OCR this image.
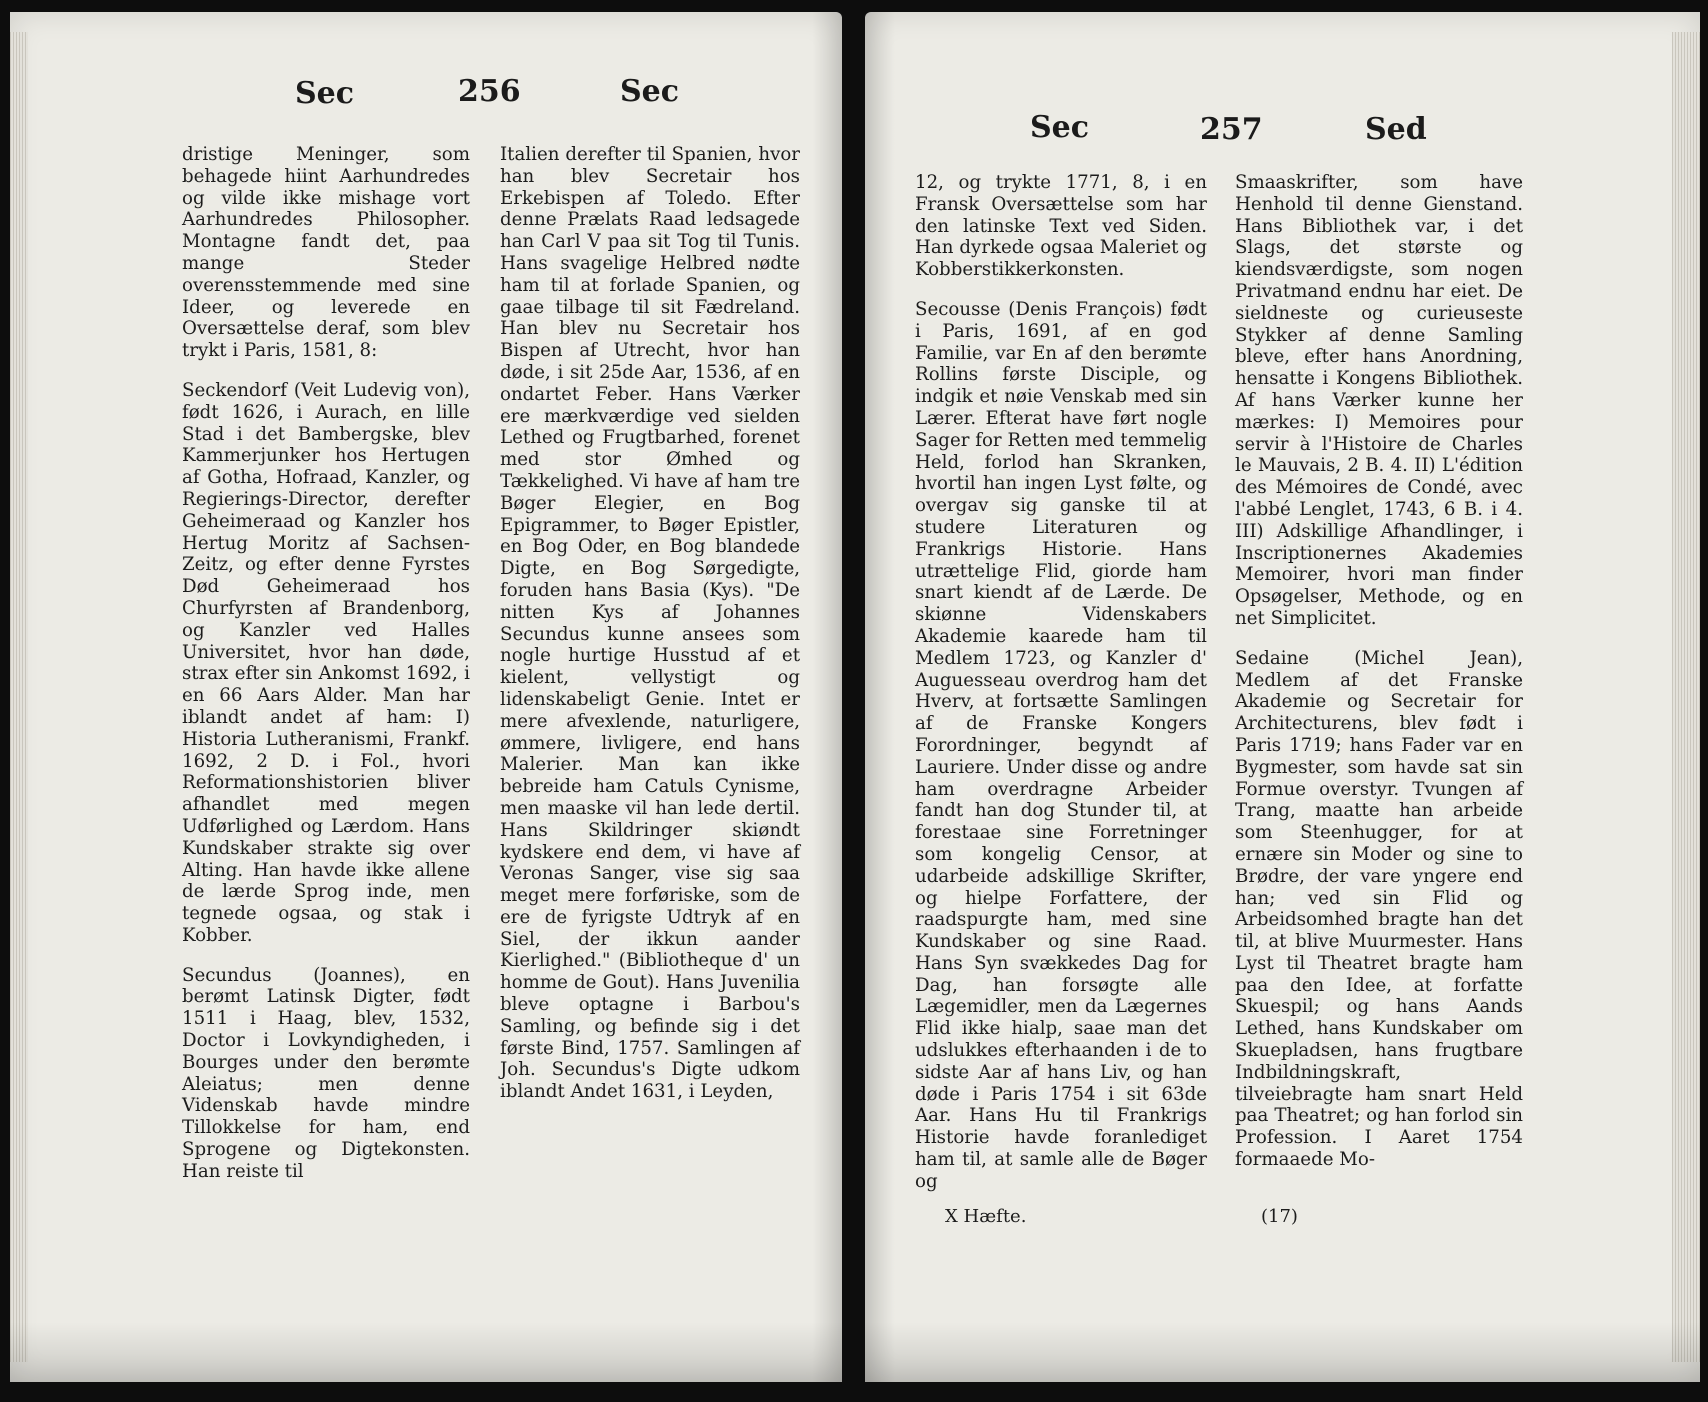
Sec	256	Sec

dristige Meninger, som behagede hiint Aarhundredes og vilde ikke mishage vort Aarhundredes Philosopher. Montagne fandt det, paa mange Steder overensstemmende med sine Ideer, og leverede en Oversættelse deraf, som blev trykt i Paris, 1581, 8:

Seckendorf (Veit Ludevig von), født 1626, i Aurach, en lille Stad i det Bambergske, blev Kammerjunker hos Hertugen af Gotha, Hofraad, Kanzler, og Regierings-Director, derefter Geheimeraad og Kanzler hos Hertug Moritz af Sachsen-Zeitz, og efter denne Fyrstes Død Geheimeraad hos Churfyrsten af Brandenborg, og Kanzler ved Halles Universitet, hvor han døde, strax efter sin Ankomst 1692, i en 66 Aars Alder. Man har iblandt andet af ham: I) Historia Lutheranismi, Frankf. 1692, 2 D. i Fol., hvori Reformationshistorien bliver afhandlet med megen Udførlighed og Lærdom. Hans Kundskaber strakte sig over Alting. Han havde ikke allene de lærde Sprog inde, men tegnede ogsaa, og stak i Kobber.

Secundus (Joannes), en berømt Latinsk Digter, født 1511 i Haag, blev, 1532, Doctor i Lovkyndigheden, i Bourges under den berømte Aleiatus; men denne Videnskab havde mindre Tillokkelse for ham, end Sprogene og Digtekonsten. Han reiste til

Italien derefter til Spanien, hvor han blev Secretair hos Erkebispen af Toledo. Efter denne Prælats Raad ledsagede han Carl V paa sit Tog til Tunis. Hans svagelige Helbred nødte ham til at forlade Spanien, og gaae tilbage til sit Fædreland. Han blev nu Secretair hos Bispen af Utrecht, hvor han døde, i sit 25de Aar, 1536, af en ondartet Feber. Hans Værker ere mærkværdige ved sielden Lethed og Frugtbarhed, forenet med stor Ømhed og Tækkelighed. Vi have af ham tre Bøger Elegier, en Bog Epigrammer, to Bøger Epistler, en Bog Oder, en Bog blandede Digte, en Bog Sørgedigte, foruden hans Basia (Kys). "De nitten Kys af Johannes Secundus kunne ansees som nogle hurtige Husstud af et kielent, vellystigt og lidenskabeligt Genie. Intet er mere afvexlende, naturligere, ømmere, livligere, end hans Malerier. Man kan ikke bebreide ham Catuls Cynisme, men maaske vil han lede dertil. Hans Skildringer skiøndt kydskere end dem, vi have af Veronas Sanger, vise sig saa meget mere forføriske, som de ere de fyrigste Udtryk af en Siel, der ikkun aander Kierlighed." (Bibliotheque d' un homme de Gout). Hans Juvenilia bleve optagne i Barbou's Samling, og befinde sig i det første Bind, 1757. Samlingen af Joh. Secundus's Digte udkom iblandt Andet 1631, i Leyden,

Sec	257	Sed

12, og trykte 1771, 8, i en Fransk Oversættelse som har den latinske Text ved Siden. Han dyrkede ogsaa Maleriet og Kobberstikkerkonsten.

Secousse (Denis François) født i Paris, 1691, af en god Familie, var En af den berømte Rollins første Disciple, og indgik et nøie Venskab med sin Lærer. Efterat have ført nogle Sager for Retten med temmelig Held, forlod han Skranken, hvortil han ingen Lyst følte, og overgav sig ganske til at studere Literaturen og Frankrigs Historie. Hans utrættelige Flid, giorde ham snart kiendt af de Lærde. De skiønne Videnskabers Akademie kaarede ham til Medlem 1723, og Kanzler d' Auguesseau overdrog ham det Hverv, at fortsætte Samlingen af de Franske Kongers Forordninger, begyndt af Lauriere. Under disse og andre ham overdragne Arbeider fandt han dog Stunder til, at forestaae sine Forretninger som kongelig Censor, at udarbeide adskillige Skrifter, og hielpe Forfattere, der raadspurgte ham, med sine Kundskaber og sine Raad. Hans Syn svækkedes Dag for Dag, han forsøgte alle Lægemidler, men da Lægernes Flid ikke hialp, saae man det udslukkes efterhaanden i de to sidste Aar af hans Liv, og han døde i Paris 1754 i sit 63de Aar. Hans Hu til Frankrigs Historie havde foranlediget ham til, at samle alle de Bøger og

Smaaskrifter, som have Henhold til denne Gienstand. Hans Bibliothek var, i det Slags, det største og kiendsværdigste, som nogen Privatmand endnu har eiet. De sieldneste og curieuseste Stykker af denne Samling bleve, efter hans Anordning, hensatte i Kongens Bibliothek. Af hans Værker kunne her mærkes: I) Memoires pour servir à l'Histoire de Charles le Mauvais, 2 B. 4. II) L'édition des Mémoires de Condé, avec l'abbé Lenglet, 1743, 6 B. i 4. III) Adskillige Afhandlinger, i Inscriptionernes Akademies Memoirer, hvori man finder Opsøgelser, Methode, og en net Simplicitet.

Sedaine (Michel Jean), Medlem af det Franske Akademie og Secretair for Architecturens, blev født i Paris 1719; hans Fader var en Bygmester, som havde sat sin Formue overstyr. Tvungen af Trang, maatte han arbeide som Steenhugger, for at ernære sin Moder og sine to Brødre, der vare yngere end han; ved sin Flid og Arbeidsomhed bragte han det til, at blive Muurmester. Hans Lyst til Theatret bragte ham paa den Idee, at forfatte Skuespil; og hans Aands Lethed, hans Kundskaber om Skuepladsen, hans frugtbare Indbildningskraft, tilveiebragte ham snart Held paa Theatret; og han forlod sin Profession. I Aaret 1754 formaaede Mo-

X Hæfte.	(17)
